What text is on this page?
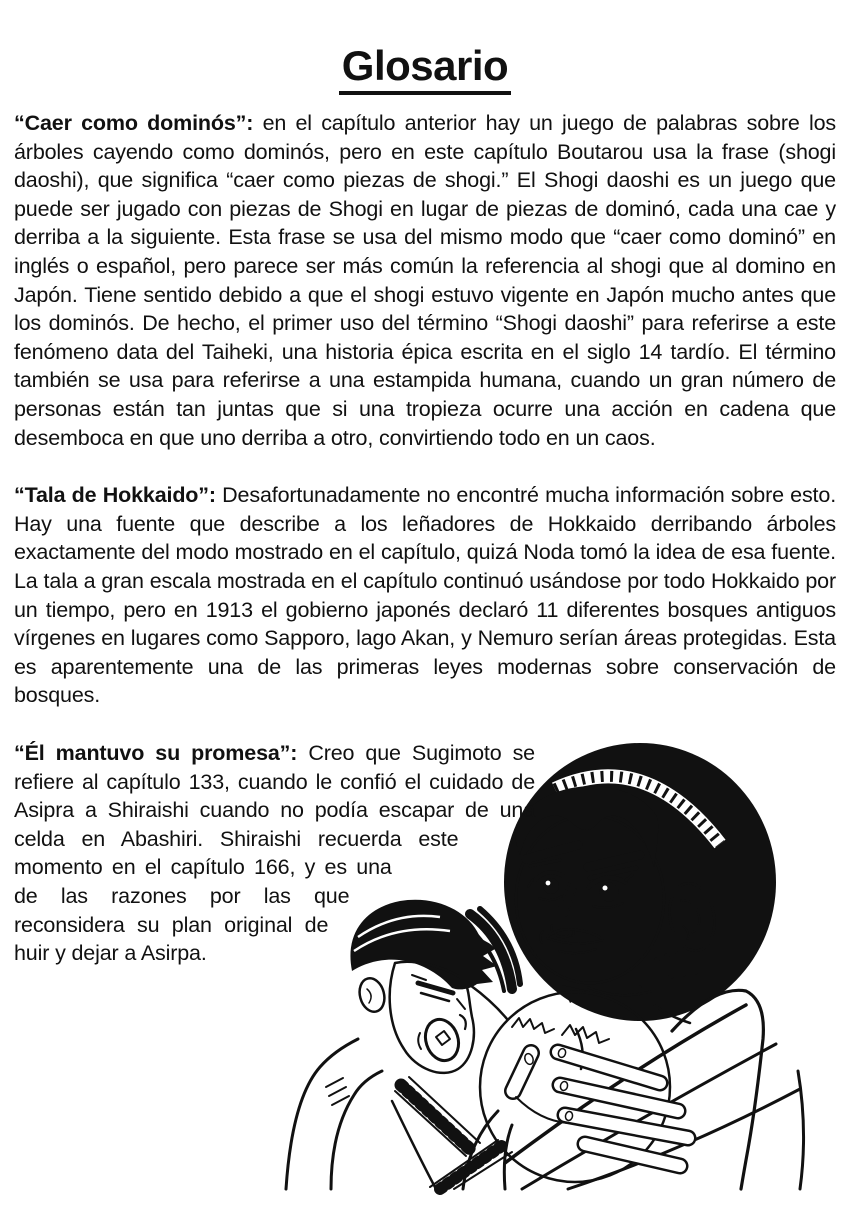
Glosario
“Caer como dominós”: en el capítulo anterior hay un juego de palabras sobre los árboles cayendo como dominós, pero en este capítulo Boutarou usa la frase (shogi daoshi), que significa “caer como piezas de shogi.” El Shogi daoshi es un juego que puede ser jugado con piezas de Shogi en lugar de piezas de dominó, cada una cae y derriba a la siguiente. Esta frase se usa del mismo modo que “caer como dominó” en inglés o español, pero parece ser más común la referencia al shogi que al domino en Japón. Tiene sentido debido a que el shogi estuvo vigente en Japón mucho antes que los dominós. De hecho, el primer uso del término “Shogi daoshi” para referirse a este fenómeno data del Taiheki, una historia épica escrita en el siglo 14 tardío. El término también se usa para referirse a una estampida humana, cuando un gran número de personas están tan juntas que si una tropieza ocurre una acción en cadena que desemboca en que uno derriba a otro, convirtiendo todo en un caos.
“Tala de Hokkaido”: Desafortunadamente no encontré mucha información sobre esto. Hay una fuente que describe a los leñadores de Hokkaido derribando árboles exactamente del modo mostrado en el capítulo, quizá Noda tomó la idea de esa fuente. La tala a gran escala mostrada en el capítulo continuó usándose por todo Hokkaido por un tiempo, pero en 1913 el gobierno japonés declaró 11 diferentes bosques antiguos vírgenes en lugares como Sapporo, lago Akan, y Nemuro serían áreas protegidas. Esta es aparentemente una de las primeras leyes modernas sobre conservación de bosques.
“Él mantuvo su promesa”: Creo que Sugimoto se refiere al capítulo 133, cuando le confió el cuidado de Asipra a Shiraishi cuando no podía escapar de una celda en Abashiri. Shiraishi recuerda este momento en el capítulo 166, y es una de las razones por las que reconsidera su plan original de huir y dejar a Asirpa.
